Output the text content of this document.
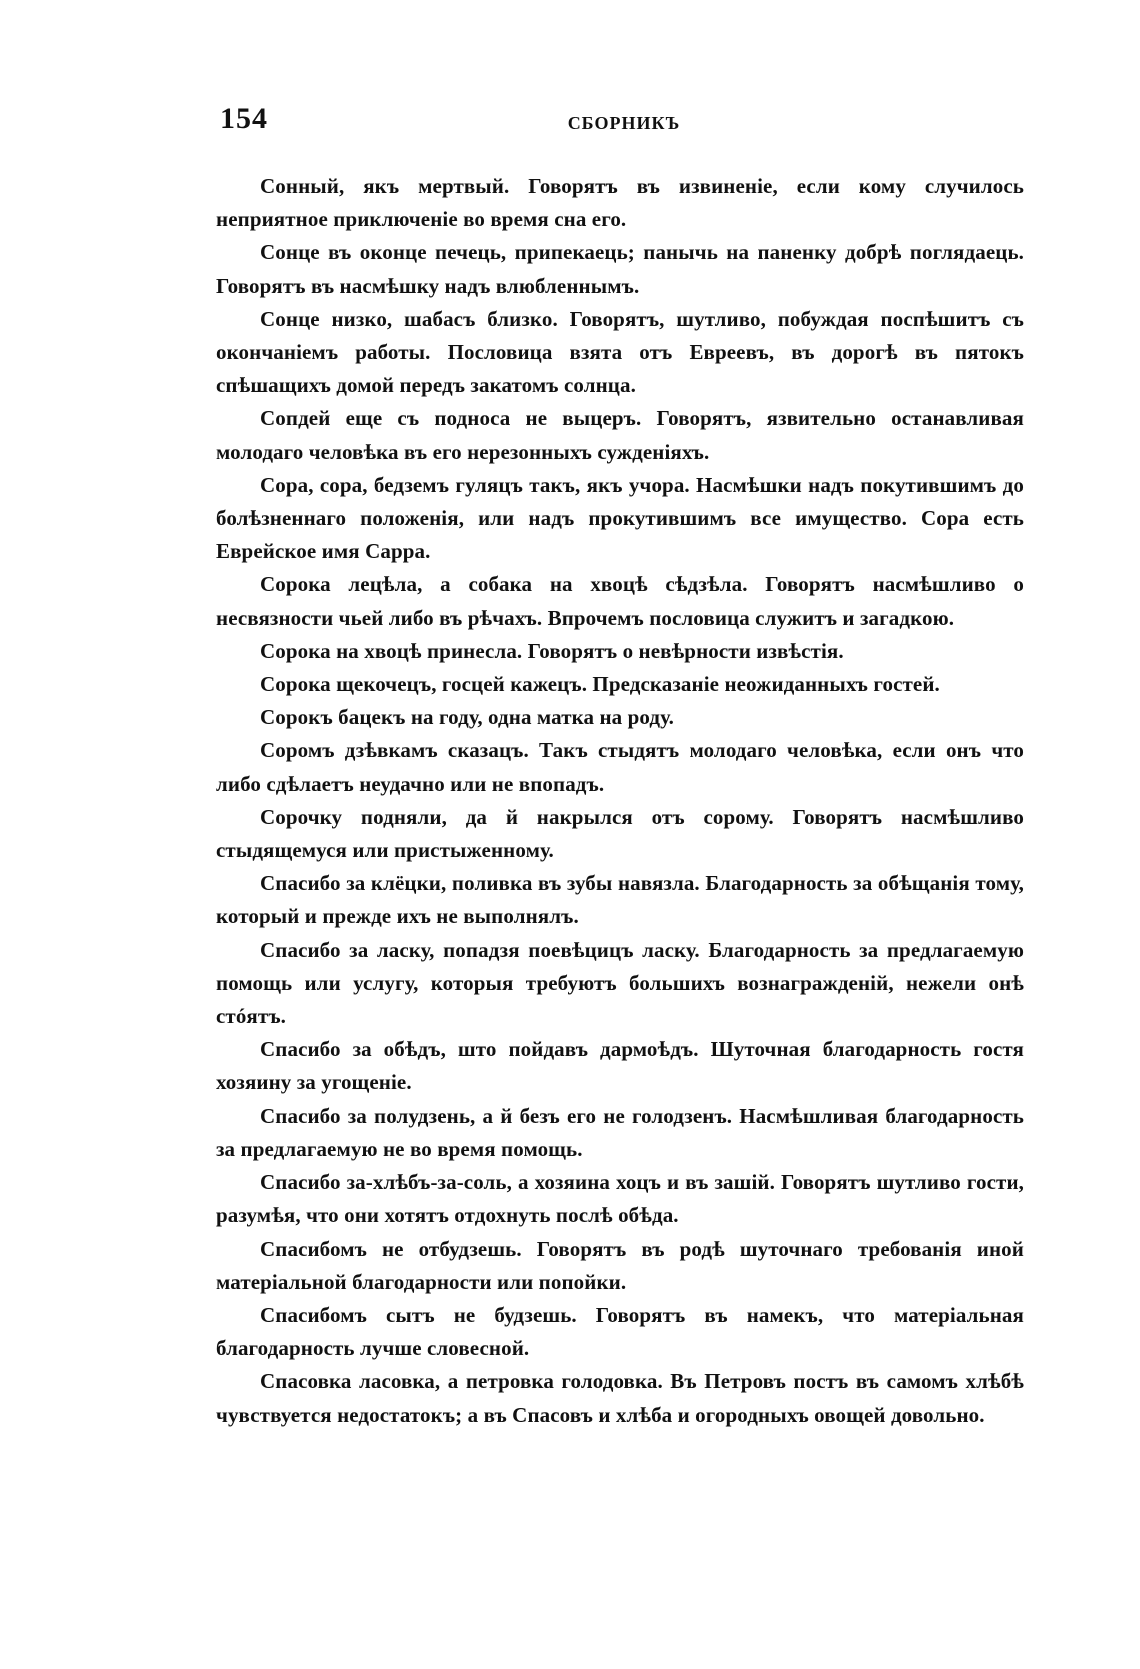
154	СБОРНИКЪ

Сонный, якъ мертвый. Говорятъ въ извиненіе, если кому случилось неприятное приключеніе во время сна его.

Сонце въ оконце печець, припекаець; панычь на паненку добрѣ поглядаець. Говорятъ въ насмѣшку надъ влюбленнымъ.

Сонце низко, шабасъ близко. Говорятъ, шутливо, побуждая поспѣшитъ съ окончаніемъ работы. Пословица взята отъ Евреевъ, въ дорогѣ въ пятокъ спѣшащихъ домой передъ закатомъ солнца.

Сопдей еще съ подноса не выцеръ. Говорятъ, язвительно останавливая молодаго человѣка въ его нерезонныхъ сужденіяхъ.

Сора, сора, бедземъ гуляцъ такъ, якъ учора. Насмѣшки надъ покутившимъ до болѣзненнаго положенія, или надъ прокутившимъ все имущество. Сора есть Еврейское имя Сарра.

Сорока лецѣла, а собака на хвоцѣ сѣдзѣла. Говорятъ насмѣшливо о несвязности чьей либо въ рѣчахъ. Впрочемъ пословица служитъ и загадкою.

Сорока на хвоцѣ принесла. Говорятъ о невѣрности извѣстія.

Сорока щекочецъ, госцей кажецъ. Предсказаніе неожиданныхъ гостей.

Сорокъ бацекъ на году, одна матка на роду.

Соромъ дзѣвкамъ сказацъ. Такъ стыдятъ молодаго человѣка, если онъ что либо сдѣлаетъ неудачно или не впопадъ.

Сорочку подняли, да й накрылся отъ сорому. Говорятъ насмѣшливо стыдящемуся или пристыженному.

Спасибо за клёцки, поливка въ зубы навязла. Благодарность за обѣщанія тому, который и прежде ихъ не выполнялъ.

Спасибо за ласку, попадзя поевѣцицъ ласку. Благодарность за предлагаемую помощь или услугу, которыя требуютъ большихъ вознагражденій, нежели онѣ стóятъ.

Спасибо за обѣдъ, што пойдавъ дармоѣдъ. Шуточная благодарность гостя хозяину за угощеніе.

Спасибо за полудзень, а й безъ его не голодзенъ. Насмѣшливая благодарность за предлагаемую не во время помощь.

Спасибо за-хлѣбъ-за-соль, а хозяина хоцъ и въ зашій. Говорятъ шутливо гости, разумѣя, что они хотятъ отдохнуть послѣ обѣда.

Спасибомъ не отбудзешь. Говорятъ въ родѣ шуточнаго требованія иной матеріальной благодарности или попойки.

Спасибомъ сытъ не будзешь. Говорятъ въ намекъ, что матеріальная благодарность лучше словесной.

Спасовка ласовка, а петровка голодовка. Въ Петровъ постъ въ самомъ хлѣбѣ чувствуется недостатокъ; а въ Спасовъ и хлѣба и огородныхъ овощей довольно.
